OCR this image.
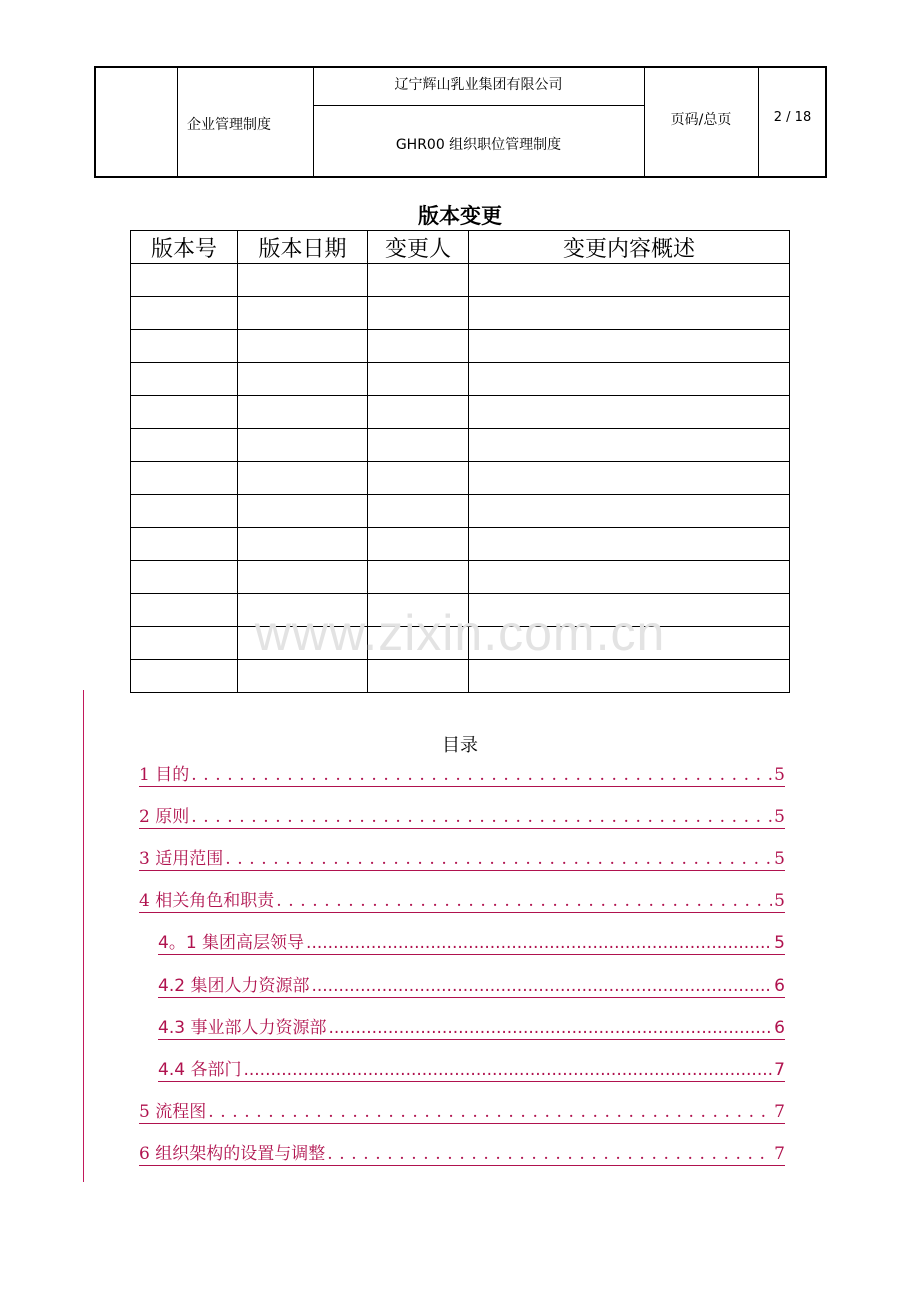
企业管理制度
辽宁辉山乳业集团有限公司
GHR00 组织职位管理制度
页码/总页	2 / 18
版本变更
版本号	版本日期	变更人	变更内容概述

www.zixin.com.cn
目录
1 目的 . . .	5
2 原则 . . .	5
3 适用范围 . . .	5
4 相关角色和职责 . . .	5
4。1 集团高层领导 .....	5
4.2 集团人力资源部 .....	6
4.3 事业部人力资源部 .....	6
4.4 各部门 .....	7
5 流程图 . . .	7
6 组织架构的设置与调整 . . .	7
